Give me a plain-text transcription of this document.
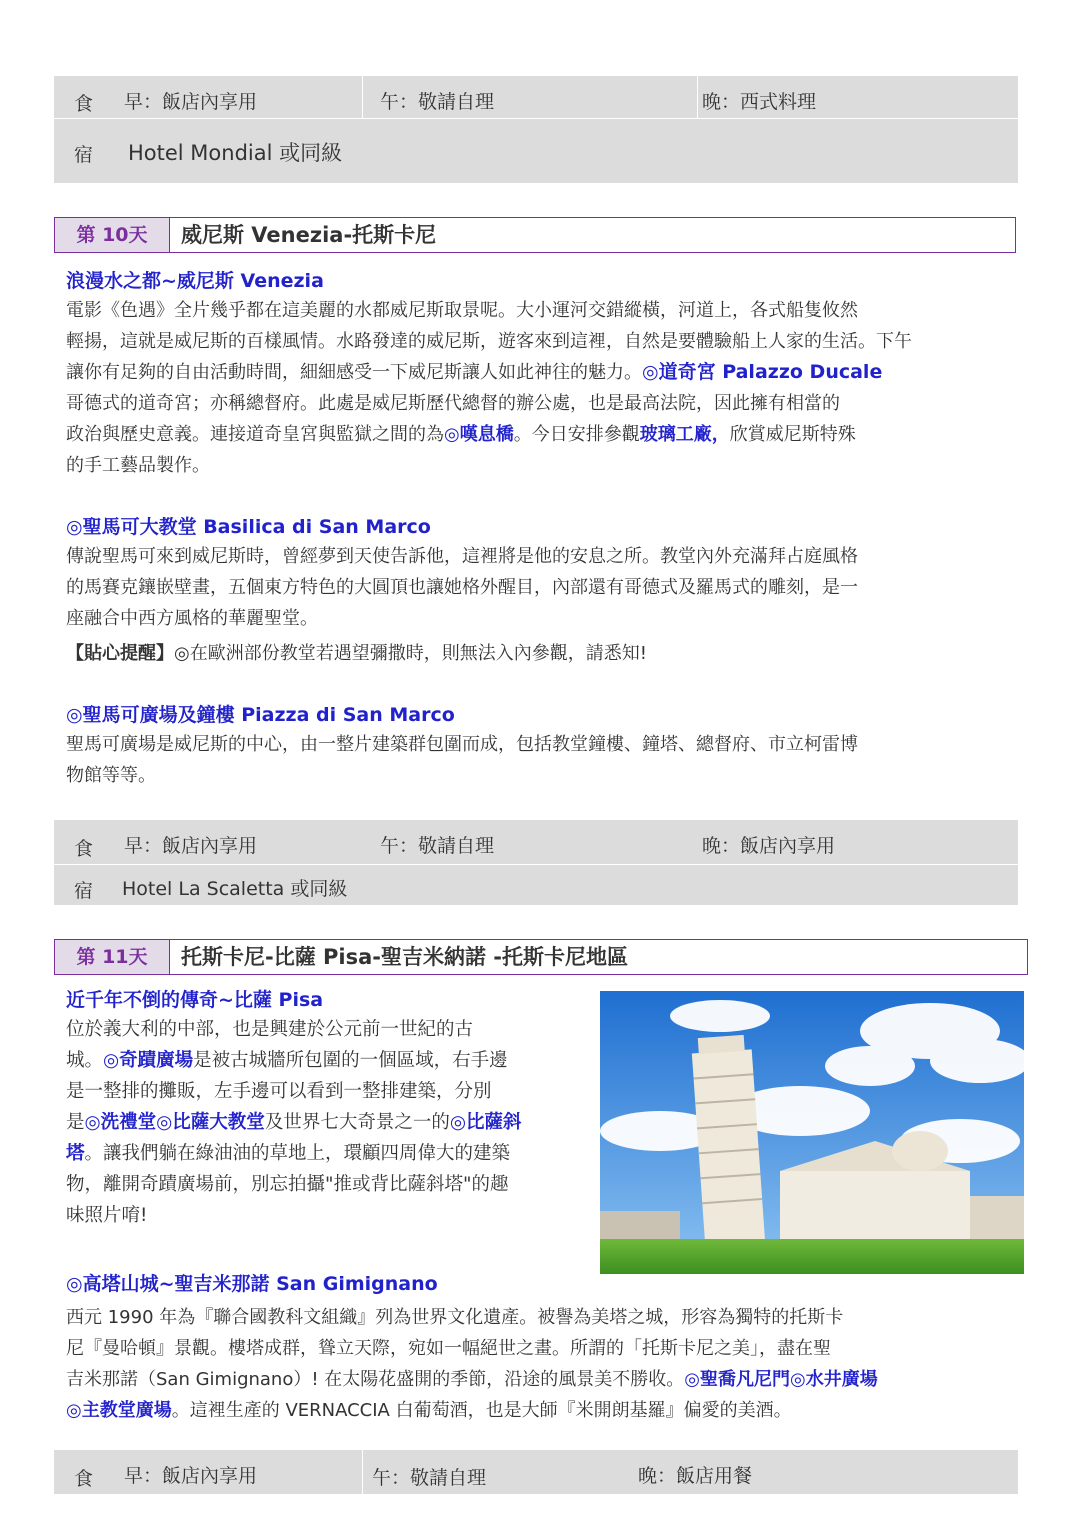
食 早：飯店內享用	午：敬請自理	晚：西式料理
宿 Hotel Mondial 或同級
第 10天	威尼斯 Venezia-托斯卡尼
浪漫水之都~威尼斯 Venezia
電影《色遇》全片幾乎都在這美麗的水都威尼斯取景呢。大小運河交錯縱橫，河道上，各式船隻攸然
輕揚，這就是威尼斯的百樣風情。水路發達的威尼斯，遊客來到這裡，自然是要體驗船上人家的生活。下午
讓你有足夠的自由活動時間，細細感受一下威尼斯讓人如此神往的魅力。◎道奇宮 Palazzo Ducale
哥德式的道奇宮；亦稱總督府。此處是威尼斯歷代總督的辦公處，也是最高法院，因此擁有相當的
政治與歷史意義。連接道奇皇宮與監獄之間的為◎嘆息橋。今日安排參觀玻璃工廠，欣賞威尼斯特殊
的手工藝品製作。
◎聖馬可大教堂 Basilica di San Marco
傳說聖馬可來到威尼斯時，曾經夢到天使告訴他，這裡將是他的安息之所。教堂內外充滿拜占庭風格
的馬賽克鑲嵌壁畫，五個東方特色的大圓頂也讓她格外醒目，內部還有哥德式及羅馬式的雕刻，是一
座融合中西方風格的華麗聖堂。
【貼心提醒】◎在歐洲部份教堂若遇望彌撒時，則無法入內參觀，請悉知!
◎聖馬可廣場及鐘樓 Piazza di San Marco
聖馬可廣場是威尼斯的中心，由一整片建築群包圍而成，包括教堂鐘樓、鐘塔、總督府、市立柯雷博
物館等等。
食 早：飯店內享用	午：敬請自理	晚：飯店內享用
宿 Hotel La Scaletta 或同級
第 11天	托斯卡尼-比薩 Pisa-聖吉米納諾 -托斯卡尼地區
近千年不倒的傳奇~比薩 Pisa
位於義大利的中部，也是興建於公元前一世紀的古
城。◎奇蹟廣場是被古城牆所包圍的一個區域，右手邊
是一整排的攤販，左手邊可以看到一整排建築，分別
是◎洗禮堂◎比薩大教堂及世界七大奇景之一的◎比薩斜
塔。讓我們躺在綠油油的草地上，環顧四周偉大的建築
物，離開奇蹟廣場前，別忘拍攝"推或背比薩斜塔"的趣
味照片唷!
◎高塔山城~聖吉米那諾 San Gimignano
西元 1990 年為『聯合國教科文組織』列為世界文化遺產。被譽為美塔之城，形容為獨特的托斯卡
尼『曼哈頓』景觀。樓塔成群，聳立天際，宛如一幅絕世之畫。所謂的「托斯卡尼之美」，盡在聖
吉米那諾（San Gimignano）! 在太陽花盛開的季節，沿途的風景美不勝收。◎聖喬凡尼門◎水井廣場
◎主教堂廣場。這裡生產的 VERNACCIA 白葡萄酒，也是大師『米開朗基羅』偏愛的美酒。
食 早：飯店內享用	午：敬請自理	晚：飯店用餐
